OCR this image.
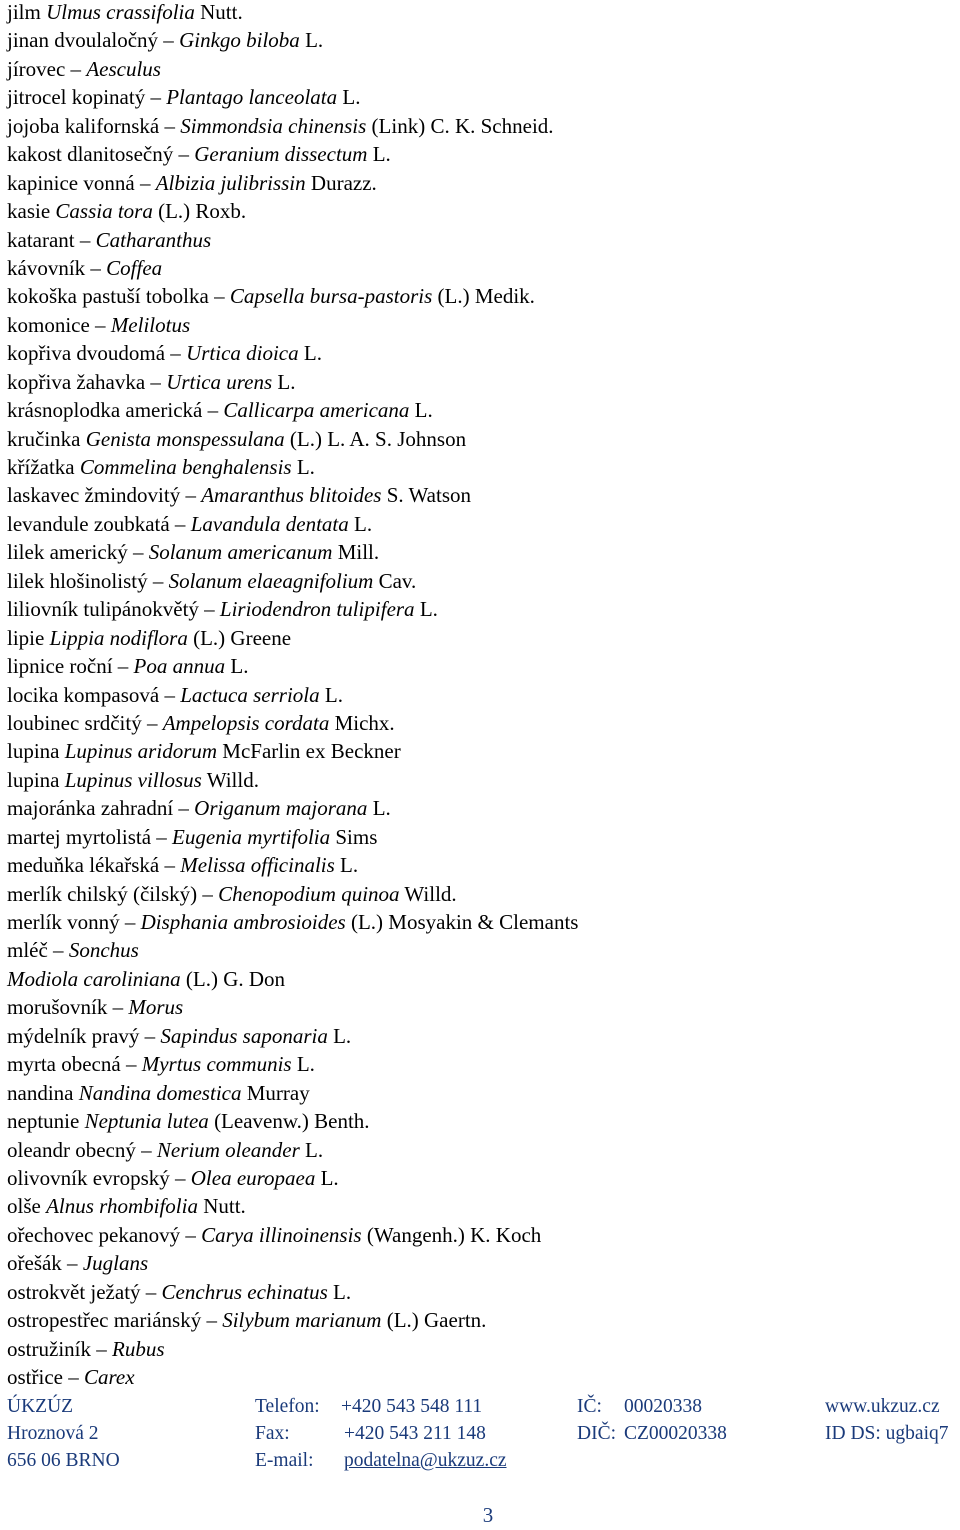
jilm Ulmus crassifolia Nutt.
jinan dvoulaločný – Ginkgo biloba L.
jírovec – Aesculus
jitrocel kopinatý – Plantago lanceolata L.
jojoba kalifornská – Simmondsia chinensis (Link) C. K. Schneid.
kakost dlanitosečný – Geranium dissectum L.
kapinice vonná – Albizia julibrissin Durazz.
kasie Cassia tora (L.) Roxb.
katarant – Catharanthus
kávovník – Coffea
kokoška pastuší tobolka – Capsella bursa-pastoris (L.) Medik.
komonice – Melilotus
kopřiva dvoudomá – Urtica dioica L.
kopřiva žahavka – Urtica urens L.
krásnoplodka americká – Callicarpa americana L.
kručinka Genista monspessulana (L.) L. A. S. Johnson
křížatka Commelina benghalensis L.
laskavec žmindovitý – Amaranthus blitoides S. Watson
levandule zoubkatá – Lavandula dentata L.
lilek americký – Solanum americanum Mill.
lilek hlošinolistý – Solanum elaeagnifolium Cav.
liliovník tulipánokvětý – Liriodendron tulipifera L.
lipie Lippia nodiflora (L.) Greene
lipnice roční – Poa annua L.
locika kompasová – Lactuca serriola L.
loubinec srdčitý – Ampelopsis cordata Michx.
lupina Lupinus aridorum McFarlin ex Beckner
lupina Lupinus villosus Willd.
majoránka zahradní – Origanum majorana L.
martej myrtolistá – Eugenia myrtifolia Sims
meduňka lékařská – Melissa officinalis L.
merlík chilský (čilský) – Chenopodium quinoa Willd.
merlík vonný – Disphania ambrosioides (L.) Mosyakin & Clemants
mléč – Sonchus
Modiola caroliniana (L.) G. Don
morušovník – Morus
mýdelník pravý – Sapindus saponaria L.
myrta obecná – Myrtus communis L.
nandina Nandina domestica Murray
neptunie Neptunia lutea (Leavenw.) Benth.
oleandr obecný – Nerium oleander L.
olivovník evropský – Olea europaea L.
olše Alnus rhombifolia Nutt.
ořechovec pekanový – Carya illinoinensis (Wangenh.) K. Koch
ořešák – Juglans
ostrokvět ježatý – Cenchrus echinatus L.
ostropestřec mariánský – Silybum marianum (L.) Gaertn.
ostružiník – Rubus
ostřice – Carex
ÚKZÚZ	Telefon: +420 543 548 111	IČ: 00020338	www.ukzuz.cz
Hroznová 2	Fax:	+420 543 211 148	DIČ: CZ00020338	ID DS: ugbaiq7
656 06 BRNO	E-mail: podatelna@ukzuz.cz
3
